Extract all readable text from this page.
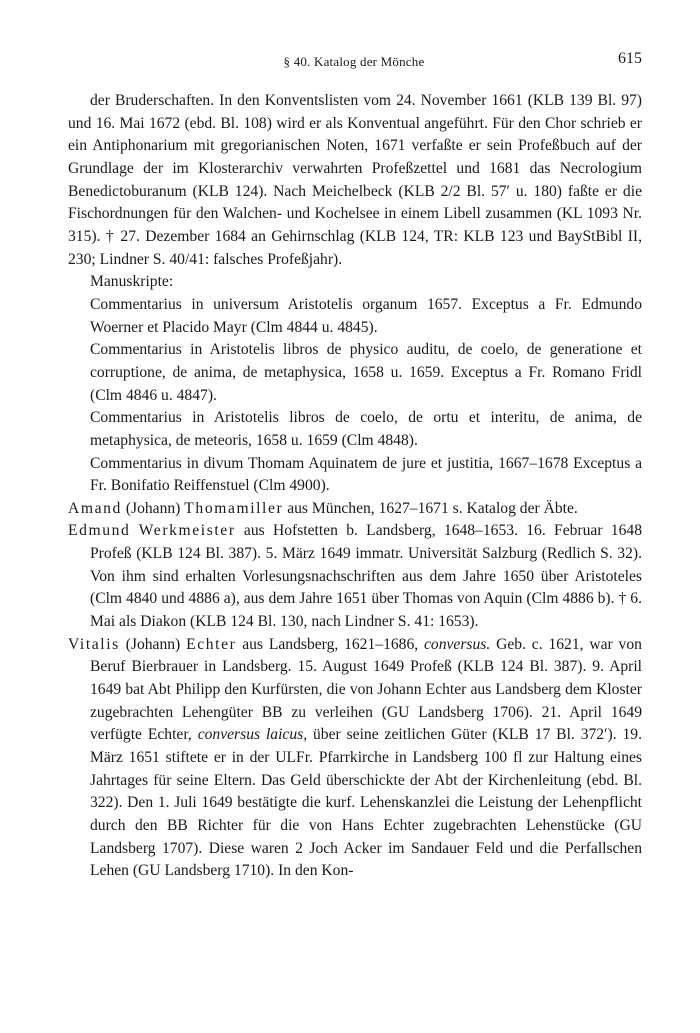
§ 40. Katalog der Mönche	615

der Bruderschaften. In den Konventslisten vom 24. November 1661 (KLB 139 Bl. 97) und 16. Mai 1672 (ebd. Bl. 108) wird er als Konventual angeführt. Für den Chor schrieb er ein Antiphonarium mit gregorianischen Noten, 1671 verfaßte er sein Profeßbuch auf der Grundlage der im Klosterarchiv verwahrten Profeßzettel und 1681 das Necrologium Benedictoburanum (KLB 124). Nach Meichelbeck (KLB 2/2 Bl. 57′ u. 180) faßte er die Fischordnungen für den Walchen- und Kochelsee in einem Libell zusammen (KL 1093 Nr. 315). † 27. Dezember 1684 an Gehirnschlag (KLB 124, TR: KLB 123 und BayStBibl II, 230; Lindner S. 40/41: falsches Profeßjahr).

Manuskripte:

Commentarius in universum Aristotelis organum 1657. Exceptus a Fr. Edmundo Woerner et Placido Mayr (Clm 4844 u. 4845).

Commentarius in Aristotelis libros de physico auditu, de coelo, de generatione et corruptione, de anima, de metaphysica, 1658 u. 1659. Exceptus a Fr. Romano Fridl (Clm 4846 u. 4847).

Commentarius in Aristotelis libros de coelo, de ortu et interitu, de anima, de metaphysica, de meteoris, 1658 u. 1659 (Clm 4848).

Commentarius in divum Thomam Aquinatem de jure et justitia, 1667–1678 Exceptus a Fr. Bonifatio Reiffenstuel (Clm 4900).

Amand (Johann) Thomamiller aus München, 1627–1671 s. Katalog der Äbte.

Edmund Werkmeister aus Hofstetten b. Landsberg, 1648–1653. 16. Februar 1648 Profeß (KLB 124 Bl. 387). 5. März 1649 immatr. Universität Salzburg (Redlich S. 32). Von ihm sind erhalten Vorlesungsnachschriften aus dem Jahre 1650 über Aristoteles (Clm 4840 und 4886 a), aus dem Jahre 1651 über Thomas von Aquin (Clm 4886 b). † 6. Mai als Diakon (KLB 124 Bl. 130, nach Lindner S. 41: 1653).

Vitalis (Johann) Echter aus Landsberg, 1621–1686, conversus. Geb. c. 1621, war von Beruf Bierbrauer in Landsberg. 15. August 1649 Profeß (KLB 124 Bl. 387). 9. April 1649 bat Abt Philipp den Kurfürsten, die von Johann Echter aus Landsberg dem Kloster zugebrachten Lehengüter BB zu verleihen (GU Landsberg 1706). 21. April 1649 verfügte Echter, conversus laicus, über seine zeitlichen Güter (KLB 17 Bl. 372′). 19. März 1651 stiftete er in der ULFr. Pfarrkirche in Landsberg 100 fl zur Haltung eines Jahrtages für seine Eltern. Das Geld überschickte der Abt der Kirchenleitung (ebd. Bl. 322). Den 1. Juli 1649 bestätigte die kurf. Lehenskanzlei die Leistung der Lehenpflicht durch den BB Richter für die von Hans Echter zugebrachten Lehenstücke (GU Landsberg 1707). Diese waren 2 Joch Acker im Sandauer Feld und die Perfallschen Lehen (GU Landsberg 1710). In den Kon-
